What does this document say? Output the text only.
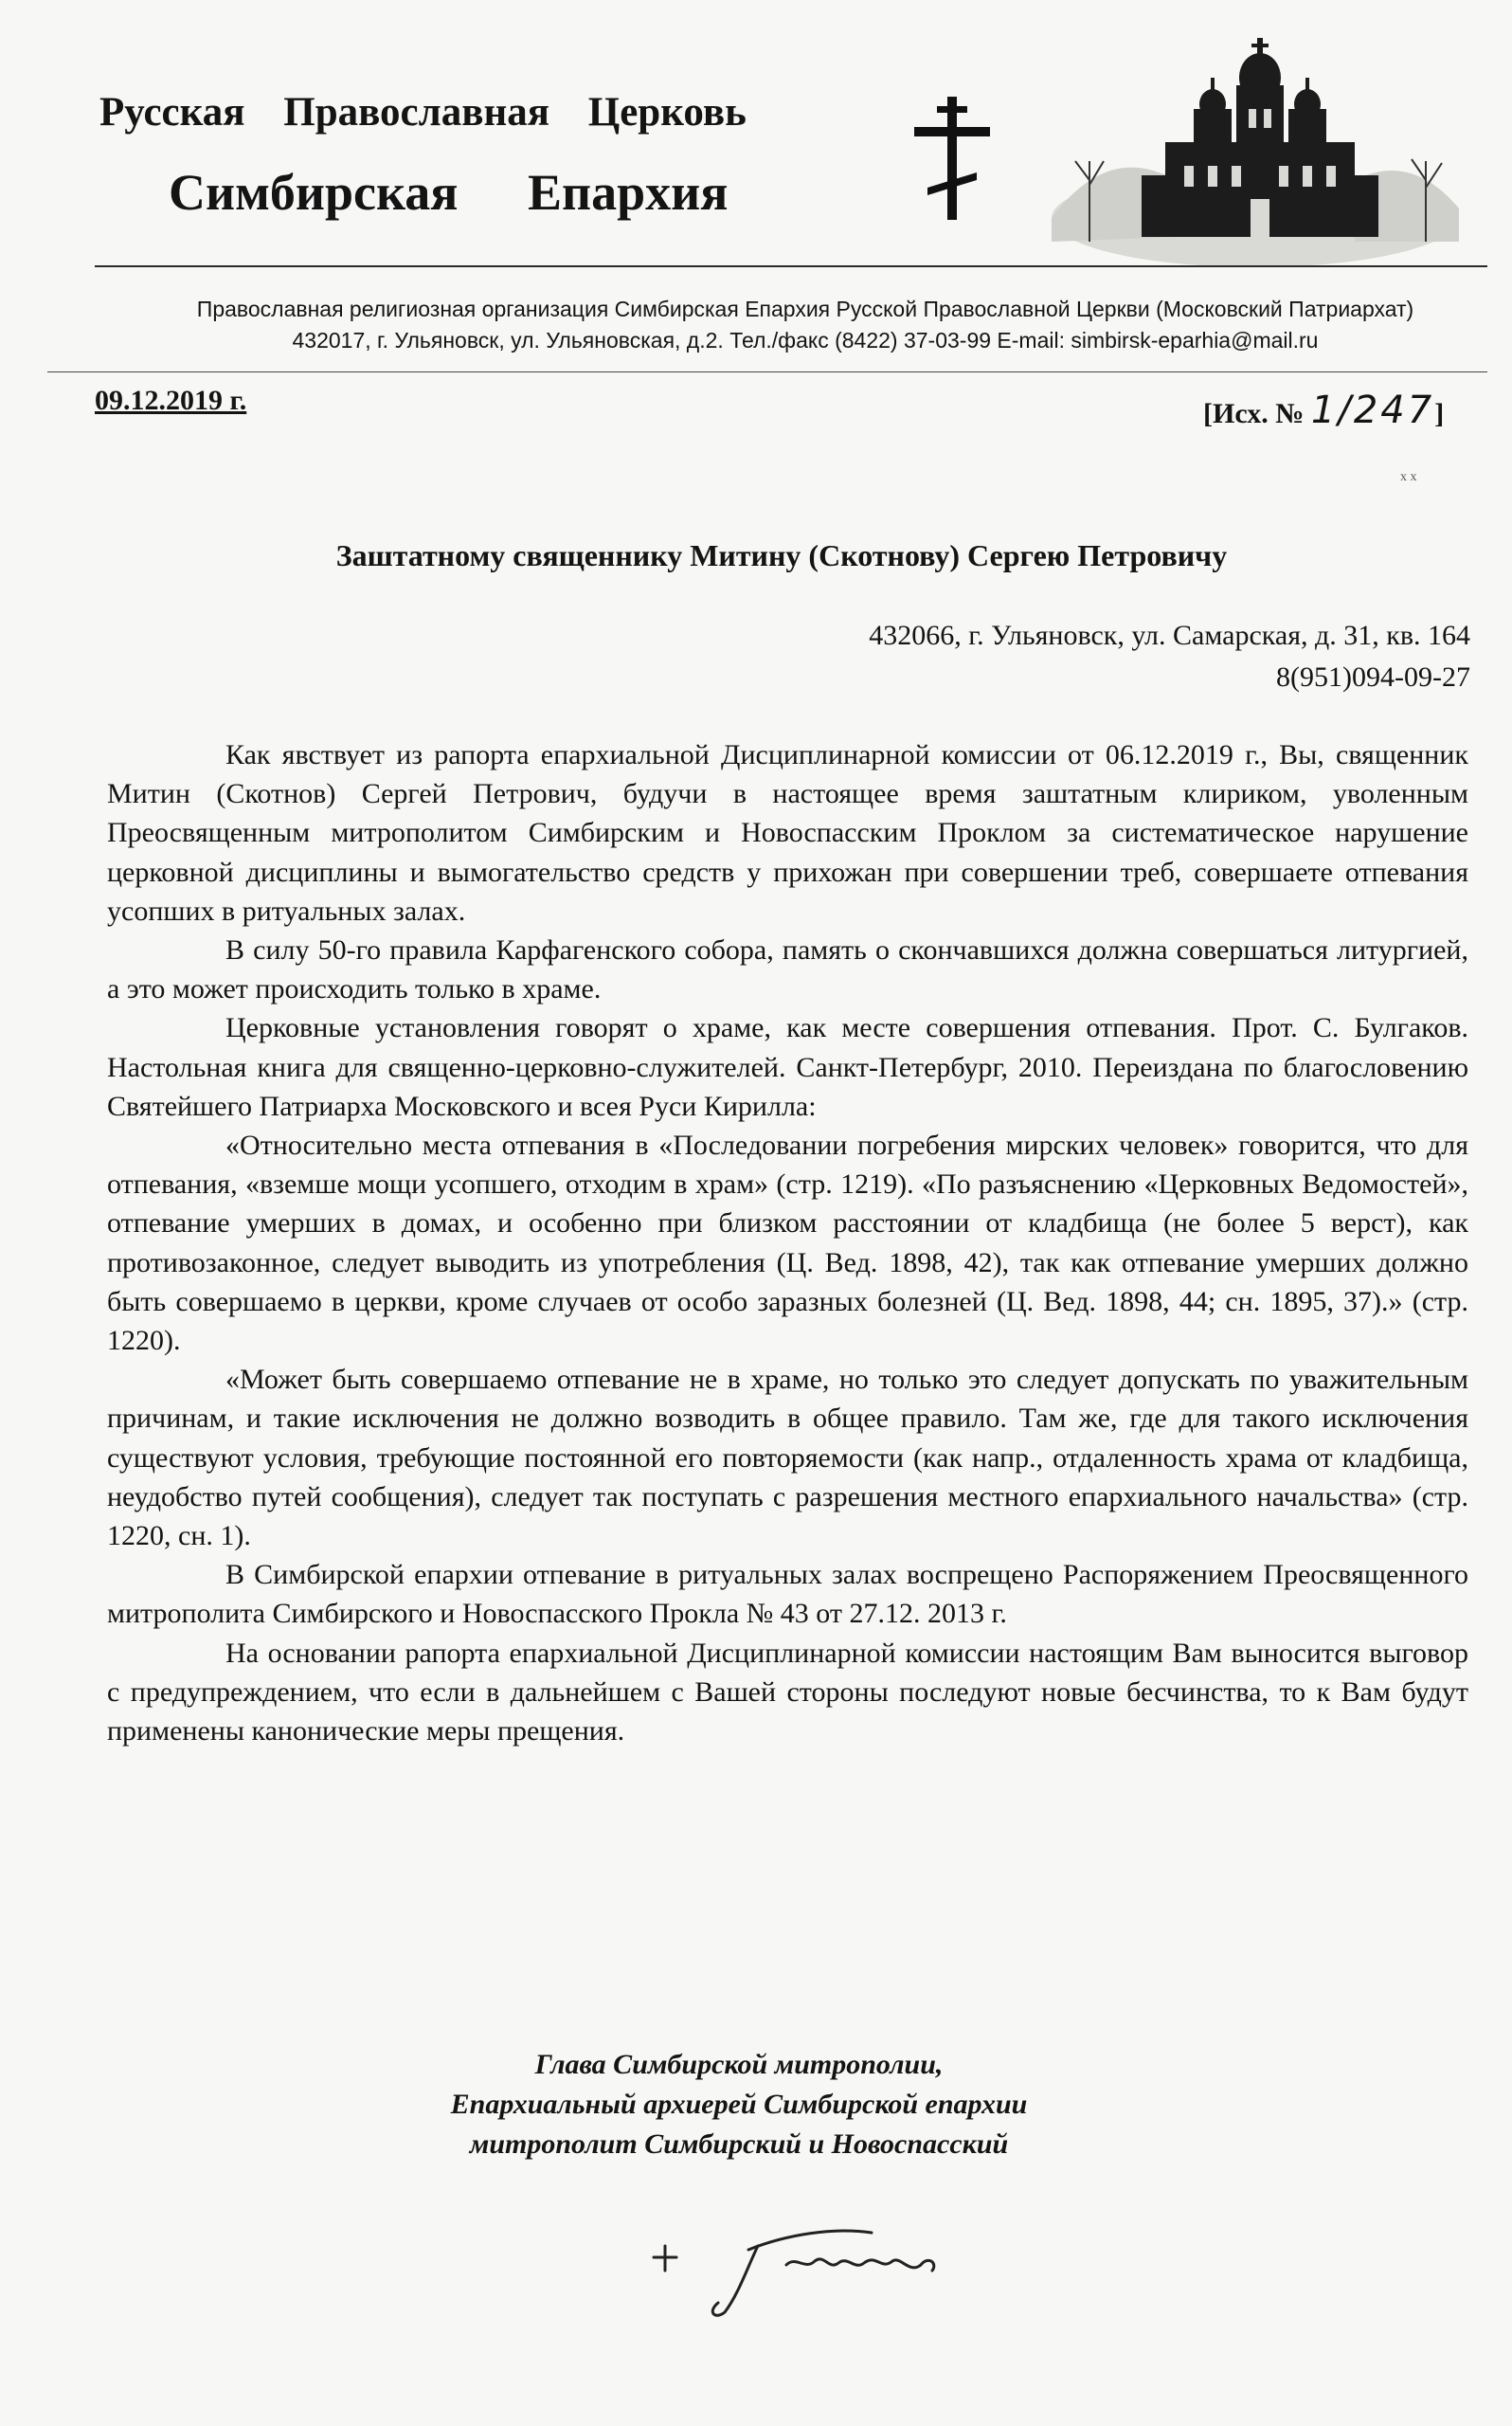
Русская Православная Церковь
Симбирская Епархия
Православная религиозная организация Симбирская Епархия Русской Православной Церкви (Московский Патриархат)
432017, г. Ульяновск, ул. Ульяновская, д.2. Тел./факс (8422) 37-03-99 E-mail: simbirsk-eparhia@mail.ru
09.12.2019 г.	[Исх. № 1/247]
x x
Заштатному священнику Митину (Скотнову) Сергею Петровичу
432066, г. Ульяновск, ул. Самарская, д. 31, кв. 164
8(951)094-09-27

Как явствует из рапорта епархиальной Дисциплинарной комиссии от 06.12.2019 г., Вы, священник Митин (Скотнов) Сергей Петрович, будучи в настоящее время заштатным клириком, уволенным Преосвященным митрополитом Симбирским и Новоспасским Проклом за систематическое нарушение церковной дисциплины и вымогательство средств у прихожан при совершении треб, совершаете отпевания усопших в ритуальных залах.

В силу 50-го правила Карфагенского собора, память о скончавшихся должна совершаться литургией, а это может происходить только в храме.

Церковные установления говорят о храме, как месте совершения отпевания. Прот. С. Булгаков. Настольная книга для священно-церковно-служителей. Санкт-Петербург, 2010. Переиздана по благословению Святейшего Патриарха Московского и всея Руси Кирилла:

«Относительно места отпевания в «Последовании погребения мирских человек» говорится, что для отпевания, «вземше мощи усопшего, отходим в храм» (стр. 1219). «По разъяснению «Церковных Ведомостей», отпевание умерших в домах, и особенно при близком расстоянии от кладбища (не более 5 верст), как противозаконное, следует выводить из употребления (Ц. Вед. 1898, 42), так как отпевание умерших должно быть совершаемо в церкви, кроме случаев от особо заразных болезней (Ц. Вед. 1898, 44; сн. 1895, 37).» (стр. 1220).

«Может быть совершаемо отпевание не в храме, но только это следует допускать по уважительным причинам, и такие исключения не должно возводить в общее правило. Там же, где для такого исключения существуют условия, требующие постоянной его повторяемости (как напр., отдаленность храма от кладбища, неудобство путей сообщения), следует так поступать с разрешения местного епархиального начальства» (стр. 1220, сн. 1).

В Симбирской епархии отпевание в ритуальных залах воспрещено Распоряжением Преосвященного митрополита Симбирского и Новоспасского Прокла № 43 от 27.12. 2013 г.

На основании рапорта епархиальной Дисциплинарной комиссии настоящим Вам выносится выговор с предупреждением, что если в дальнейшем с Вашей стороны последуют новые бесчинства, то к Вам будут применены канонические меры прещения.

Глава Симбирской митрополии,
Епархиальный архиерей Симбирской епархии
митрополит Симбирский и Новоспасский
